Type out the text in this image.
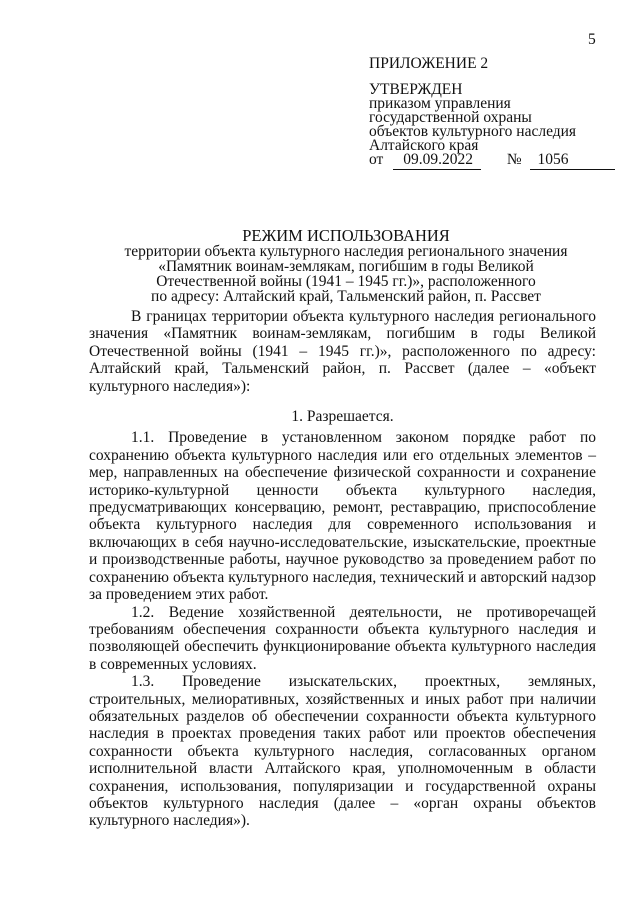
5
ПРИЛОЖЕНИЕ 2
УТВЕРЖДЕН
приказом управления
государственной охраны
объектов культурного наследия
Алтайского края
от 09.09.2022 № 1056
РЕЖИМ ИСПОЛЬЗОВАНИЯ
территории объекта культурного наследия регионального значения
«Памятник воинам-землякам, погибшим в годы Великой
Отечественной войны (1941 – 1945 гг.)», расположенного
по адресу: Алтайский край, Тальменский район, п. Рассвет

В границах территории объекта культурного наследия регионального значения «Памятник воинам-землякам, погибшим в годы Великой Отечественной войны (1941 – 1945 гг.)», расположенного по адресу: Алтайский край, Тальменский район, п. Рассвет (далее – «объект культурного наследия»):

1. Разрешается.

1.1. Проведение в установленном законом порядке работ по сохранению объекта культурного наследия или его отдельных элементов – мер, направленных на обеспечение физической сохранности и сохранение историко-культурной ценности объекта культурного наследия, предусматривающих консервацию, ремонт, реставрацию, приспособление объекта культурного наследия для современного использования и включающих в себя научно-исследовательские, изыскательские, проектные и производственные работы, научное руководство за проведением работ по сохранению объекта культурного наследия, технический и авторский надзор за проведением этих работ.

1.2. Ведение хозяйственной деятельности, не противоречащей требованиям обеспечения сохранности объекта культурного наследия и позволяющей обеспечить функционирование объекта культурного наследия в современных условиях.

1.3. Проведение изыскательских, проектных, земляных, строительных, мелиоративных, хозяйственных и иных работ при наличии обязательных разделов об обеспечении сохранности объекта культурного наследия в проектах проведения таких работ или проектов обеспечения сохранности объекта культурного наследия, согласованных органом исполнительной власти Алтайского края, уполномоченным в области сохранения, использования, популяризации и государственной охраны объектов культурного наследия (далее – «орган охраны объектов культурного наследия»).
